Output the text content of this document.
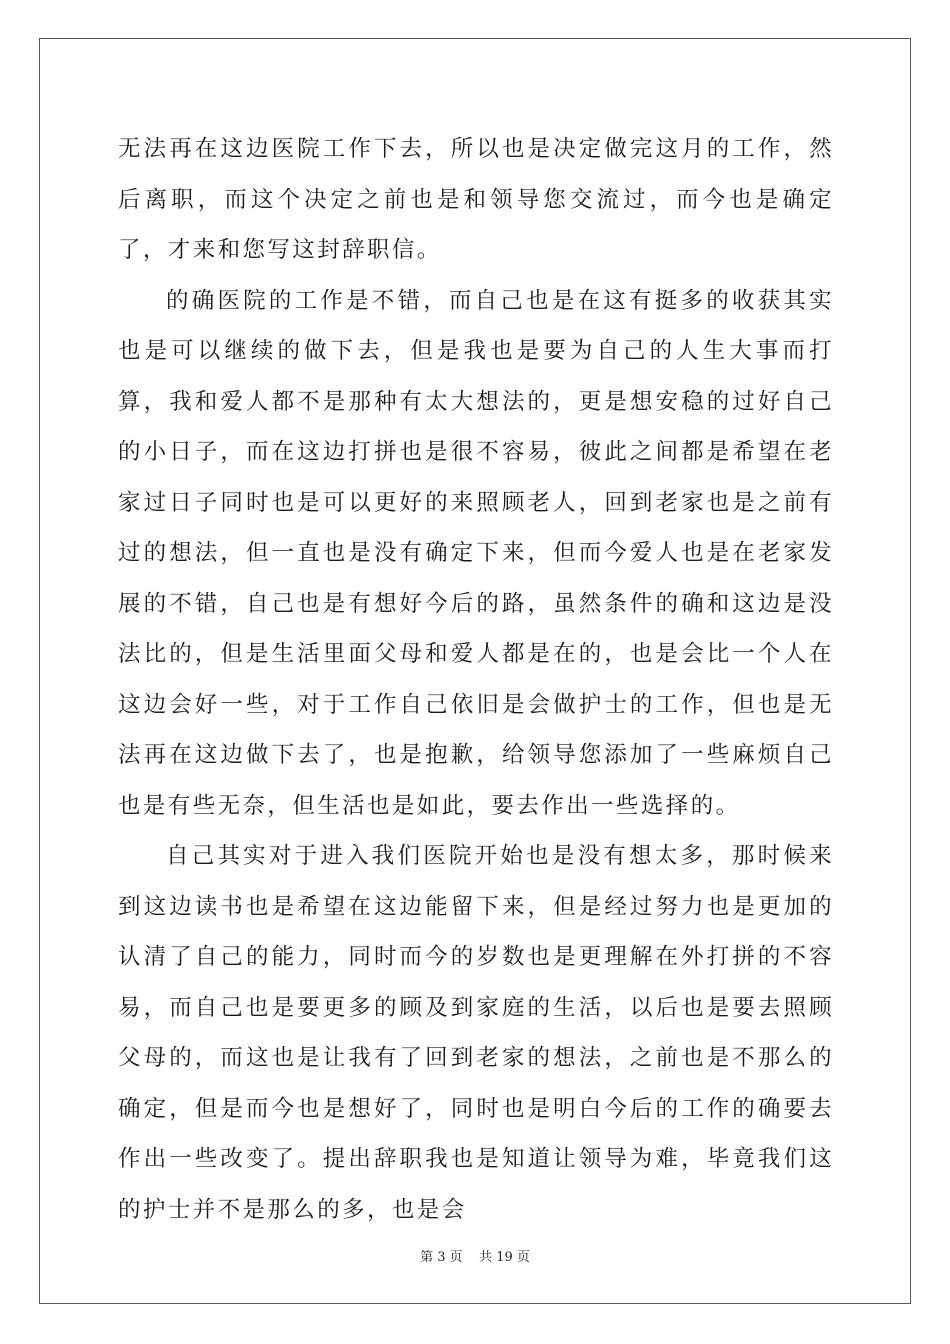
无法再在这边医院工作下去，所以也是决定做完这月的工作，然后离职，而这个决定之前也是和领导您交流过，而今也是确定了，才来和您写这封辞职信。

的确医院的工作是不错，而自己也是在这有挺多的收获其实也是可以继续的做下去，但是我也是要为自己的人生大事而打算，我和爱人都不是那种有太大想法的，更是想安稳的过好自己的小日子，而在这边打拼也是很不容易，彼此之间都是希望在老家过日子同时也是可以更好的来照顾老人，回到老家也是之前有过的想法，但一直也是没有确定下来，但而今爱人也是在老家发展的不错，自己也是有想好今后的路，虽然条件的确和这边是没法比的，但是生活里面父母和爱人都是在的，也是会比一个人在这边会好一些，对于工作自己依旧是会做护士的工作，但也是无法再在这边做下去了，也是抱歉，给领导您添加了一些麻烦自己也是有些无奈，但生活也是如此，要去作出一些选择的。

自己其实对于进入我们医院开始也是没有想太多，那时候来到这边读书也是希望在这边能留下来，但是经过努力也是更加的认清了自己的能力，同时而今的岁数也是更理解在外打拼的不容易，而自己也是要更多的顾及到家庭的生活，以后也是要去照顾父母的，而这也是让我有了回到老家的想法，之前也是不那么的确定，但是而今也是想好了，同时也是明白今后的工作的确要去作出一些改变了。提出辞职我也是知道让领导为难，毕竟我们这的护士并不是那么的多，也是会

第 3 页    共 19 页
